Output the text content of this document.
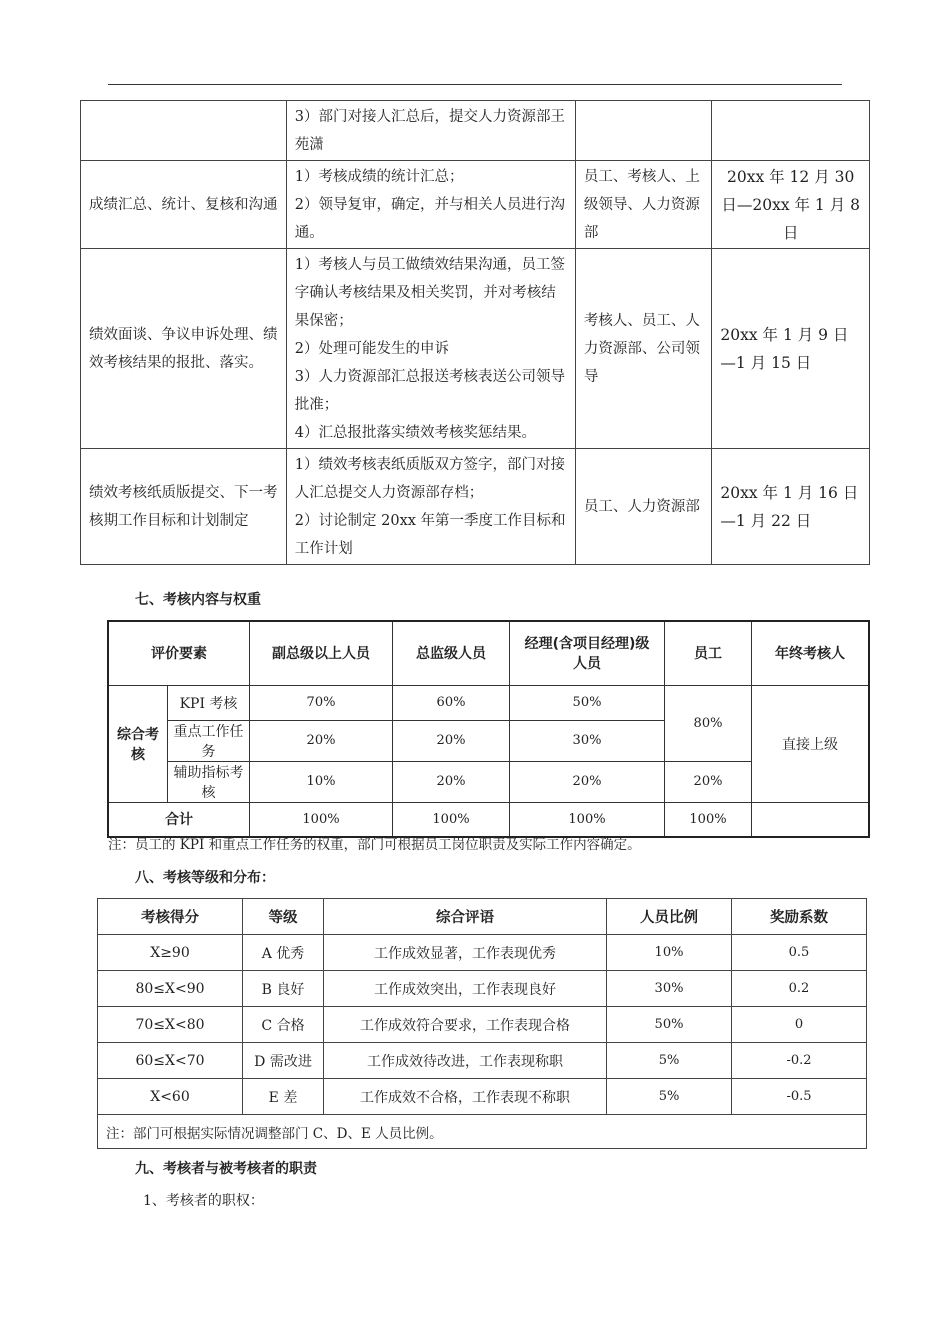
	3）部门对接人汇总后，提交人力资源部王苑潇		

成绩汇总、统计、复核和沟通	1）考核成绩的统计汇总；
2）领导复审，确定，并与相关人员进行沟通。	员工、考核人、上级领导、人力资源部	20xx 年 12 月 30 日—20xx 年 1 月 8 日
绩效面谈、争议申诉处理、绩效考核结果的报批、落实。	1）考核人与员工做绩效结果沟通，员工签字确认考核结果及相关奖罚，并对考核结果保密；
2）处理可能发生的申诉
3）人力资源部汇总报送考核表送公司领导批准；
4）汇总报批落实绩效考核奖惩结果。	考核人、员工、人力资源部、公司领导	20xx 年 1 月 9 日—1 月 15 日
绩效考核纸质版提交、下一考核期工作目标和计划制定	1）绩效考核表纸质版双方签字，部门对接人汇总提交人力资源部存档；
2）讨论制定 20xx 年第一季度工作目标和工作计划	员工、人力资源部	20xx 年 1 月 16 日—1 月 22 日
七、考核内容与权重
评价要素		副总级以上人员	总监级人员	经理(含项目经理)级人员	员工	年终考核人
综合考核	KPI 考核	70%	60%	50%	80%	直接上级
	重点工作任务	20%	20%	30%		
	辅助指标考核	10%	20%	20%	20%	
合计		100%	100%	100%	100%	
注：员工的 KPI 和重点工作任务的权重，部门可根据员工岗位职责及实际工作内容确定。
八、考核等级和分布：
考核得分	等级	综合评语	人员比例	奖励系数
X≥90	A 优秀	工作成效显著，工作表现优秀	10%	0.5
80≤X<90	B 良好	工作成效突出，工作表现良好	30%	0.2
70≤X<80	C 合格	工作成效符合要求，工作表现合格	50%	0
60≤X<70	D 需改进	工作成效待改进，工作表现称职	5%	-0.2
X<60	E 差	工作成效不合格，工作表现不称职	5%	-0.5
注：部门可根据实际情况调整部门 C、D、E 人员比例。				
九、考核者与被考核者的职责
1、考核者的职权：
